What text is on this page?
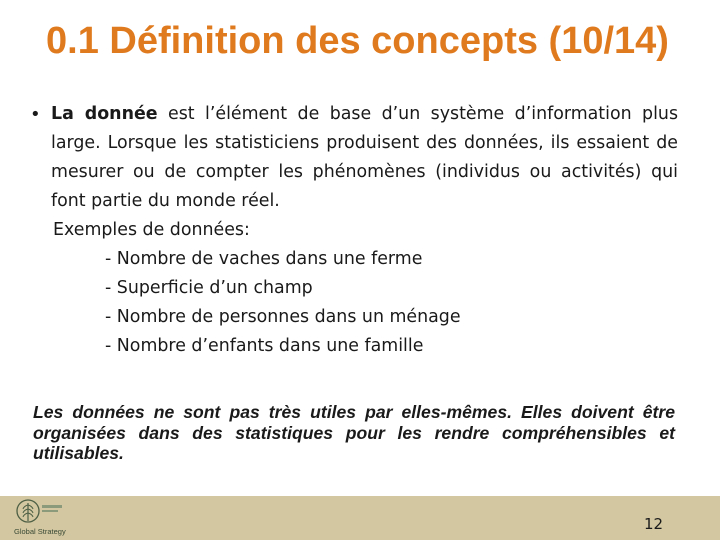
0.1 Définition des concepts (10/14)
• La donnée est l’élément de base d’un système d’information plus large. Lorsque les statisticiens produisent des données, ils essaient de mesurer ou de compter les phénomènes (individus ou activités) qui font partie du monde réel.
Exemples de données:
- Nombre de vaches dans une ferme
- Superficie d’un champ
- Nombre de personnes dans un ménage
- Nombre d’enfants dans une famille
Les données ne sont pas très utiles par elles-mêmes. Elles doivent être organisées dans des statistiques pour les rendre compréhensibles et utilisables.
Global Strategy	12
